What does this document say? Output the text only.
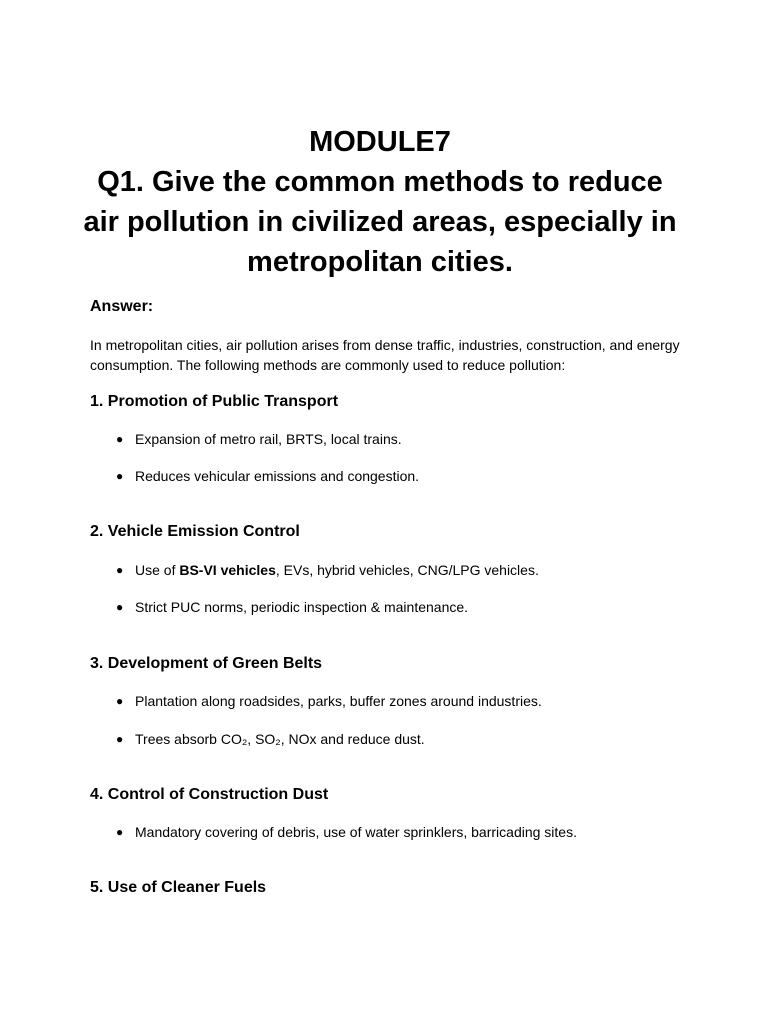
MODULE7
Q1. Give the common methods to reduce air pollution in civilized areas, especially in metropolitan cities.
Answer:

In metropolitan cities, air pollution arises from dense traffic, industries, construction, and energy consumption. The following methods are commonly used to reduce pollution:

1. Promotion of Public Transport
● Expansion of metro rail, BRTS, local trains.
● Reduces vehicular emissions and congestion.
2. Vehicle Emission Control
● Use of BS-VI vehicles, EVs, hybrid vehicles, CNG/LPG vehicles.
● Strict PUC norms, periodic inspection & maintenance.
3. Development of Green Belts
● Plantation along roadsides, parks, buffer zones around industries.
● Trees absorb CO₂, SO₂, NOx and reduce dust.
4. Control of Construction Dust
● Mandatory covering of debris, use of water sprinklers, barricading sites.
5. Use of Cleaner Fuels
